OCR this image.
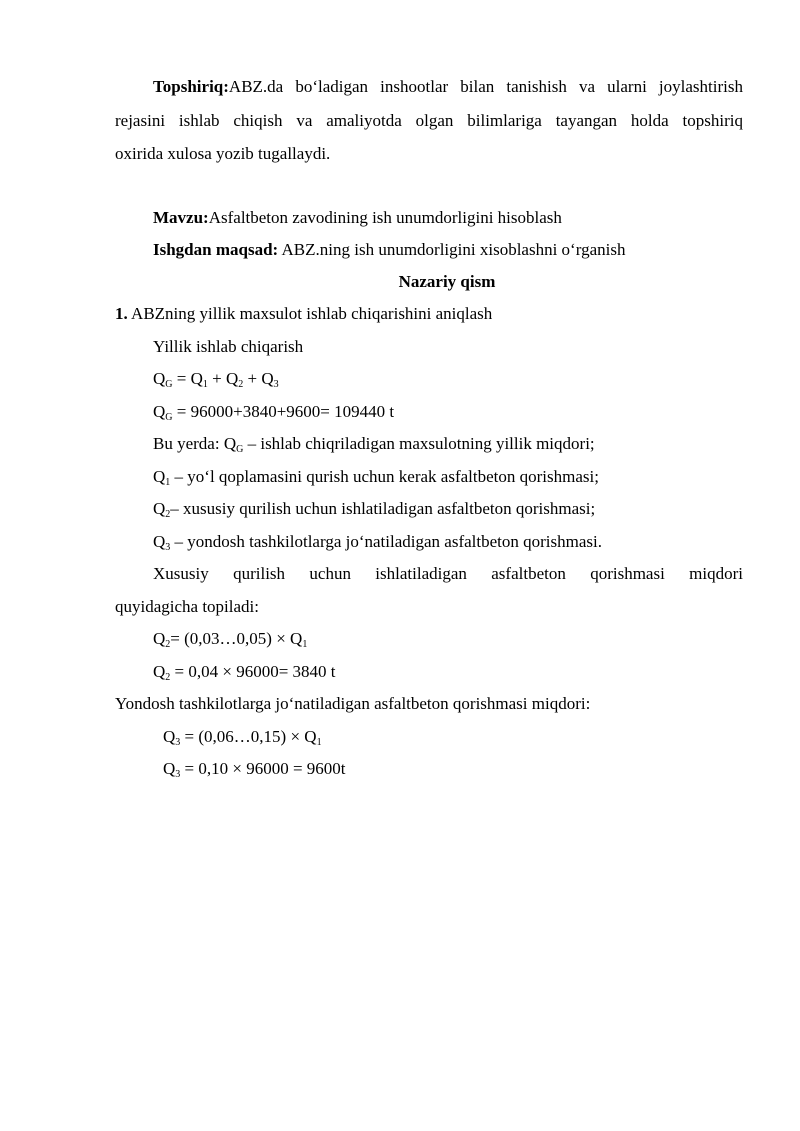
Topshiriq:ABZ.da bo‘ladigan inshootlar bilan tanishish va ularni joylashtirish
rejasini ishlab chiqish va amaliyotda olgan bilimlariga tayangan holda topshiriq
oxirida xulosa yozib tugallaydi.
Mavzu:Asfaltbeton zavodining ish unumdorligini hisoblash
Ishgdan maqsad: ABZ.ning ish unumdorligini xisoblashni o‘rganish
Nazariy qism
1. ABZning yillik maxsulot ishlab chiqarishini aniqlash
Yillik ishlab chiqarish
$Q_G = Q_1 + Q_2 + Q_3$
$Q_G = 96000+3840+9600= 109440$ t
Bu yerda: $Q_G$ – ishlab chiqriladigan maxsulotning yillik miqdori;
$Q_1$ – yo‘l qoplamasini qurish uchun kerak asfaltbeton qorishmasi;
$Q_2-$ xususiy qurilish uchun ishlatiladigan asfaltbeton qorishmasi;
$Q_3$ – yondosh tashkilotlarga jo‘natiladigan asfaltbeton qorishmasi.
Xususiy qurilish uchun ishlatiladigan asfaltbeton qorishmasi miqdori
quyidagicha topiladi:
$Q_2=$ (0,03…0,05) × $Q_1$
$Q_2 = 0,04 \times 96000= 3840$ t
Yondosh tashkilotlarga jo‘natiladigan asfaltbeton qorishmasi miqdori:
$Q_3$ = (0,06…0,15) × $Q_1$
$Q_3 = 0,10 \times 96000 = 9600t$
